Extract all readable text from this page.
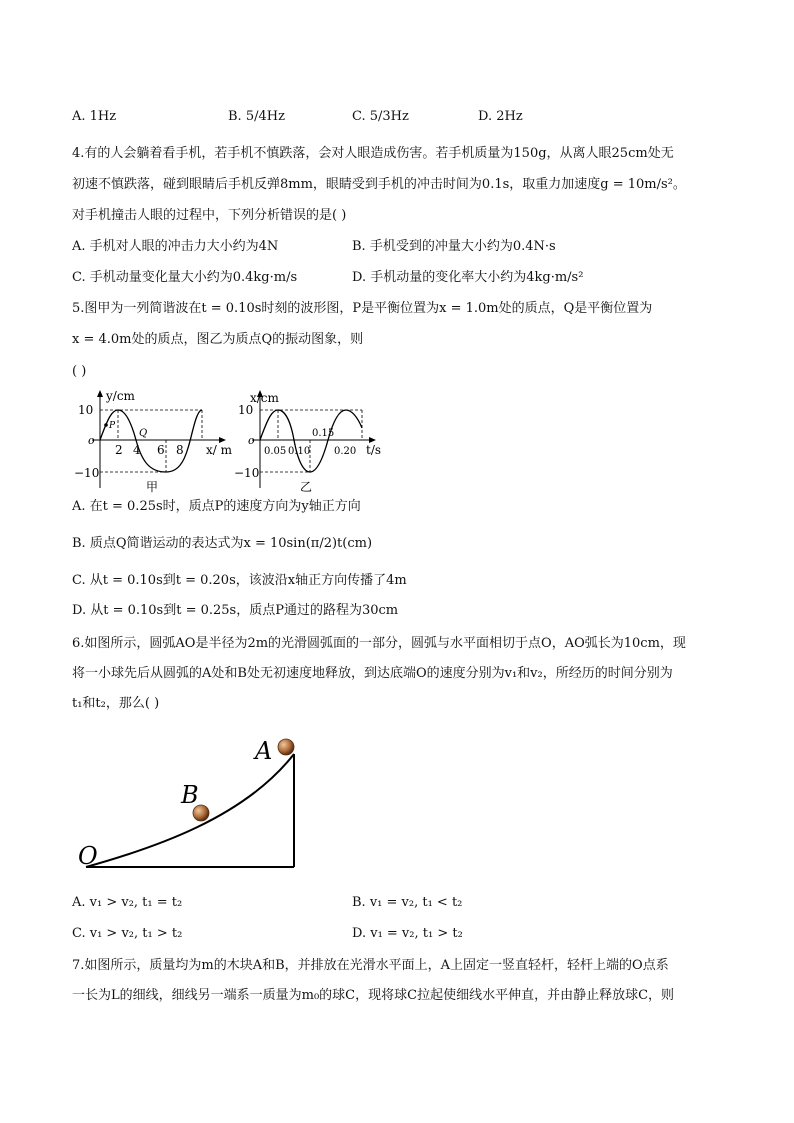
A. 1Hz	B. 5/4Hz	C. 5/3Hz	D. 2Hz
4.有的人会躺着看手机，若手机不慎跌落，会对人眼造成伤害。若手机质量为150g，从离人眼25cm处无
初速不慎跌落，碰到眼睛后手机反弹8mm，眼睛受到手机的冲击时间为0.1s，取重力加速度g = 10m/s²。
对手机撞击人眼的过程中，下列分析错误的是( )
A. 手机对人眼的冲击力大小约为4N	B. 手机受到的冲量大小约为0.4N·s
C. 手机动量变化量大小约为0.4kg·m/s	D. 手机动量的变化率大小约为4kg·m/s²
5.图甲为一列简谐波在t = 0.10s时刻的波形图，P是平衡位置为x = 1.0m处的质点，Q是平衡位置为
x = 4.0m处的质点，图乙为质点Q的振动图象，则
( )
y/cm
x/ m
10
−10
o
P
Q
2 4 6 8
甲
x/cm
t/s
10
−10
o
0.05 0.10
0.15
0.20
乙
A. 在t = 0.25s时，质点P的速度方向为y轴正方向
B. 质点Q简谐运动的表达式为x = 10sin(π/2)t(cm)
C. 从t = 0.10s到t = 0.20s，该波沿x轴正方向传播了4m
D. 从t = 0.10s到t = 0.25s，质点P通过的路程为30cm
6.如图所示，圆弧AO是半径为2m的光滑圆弧面的一部分，圆弧与水平面相切于点O，AO弧长为10cm，现
将一小球先后从圆弧的A处和B处无初速度地释放，到达底端O的速度分别为v₁和v₂，所经历的时间分别为
t₁和t₂，那么( )
A
B
O
A. v₁ > v₂, t₁ = t₂	B. v₁ = v₂, t₁ < t₂
C. v₁ > v₂, t₁ > t₂	D. v₁ = v₂, t₁ > t₂
7.如图所示，质量均为m的木块A和B，并排放在光滑水平面上，A上固定一竖直轻杆，轻杆上端的O点系
一长为L的细线，细线另一端系一质量为m₀的球C，现将球C拉起使细线水平伸直，并由静止释放球C，则
